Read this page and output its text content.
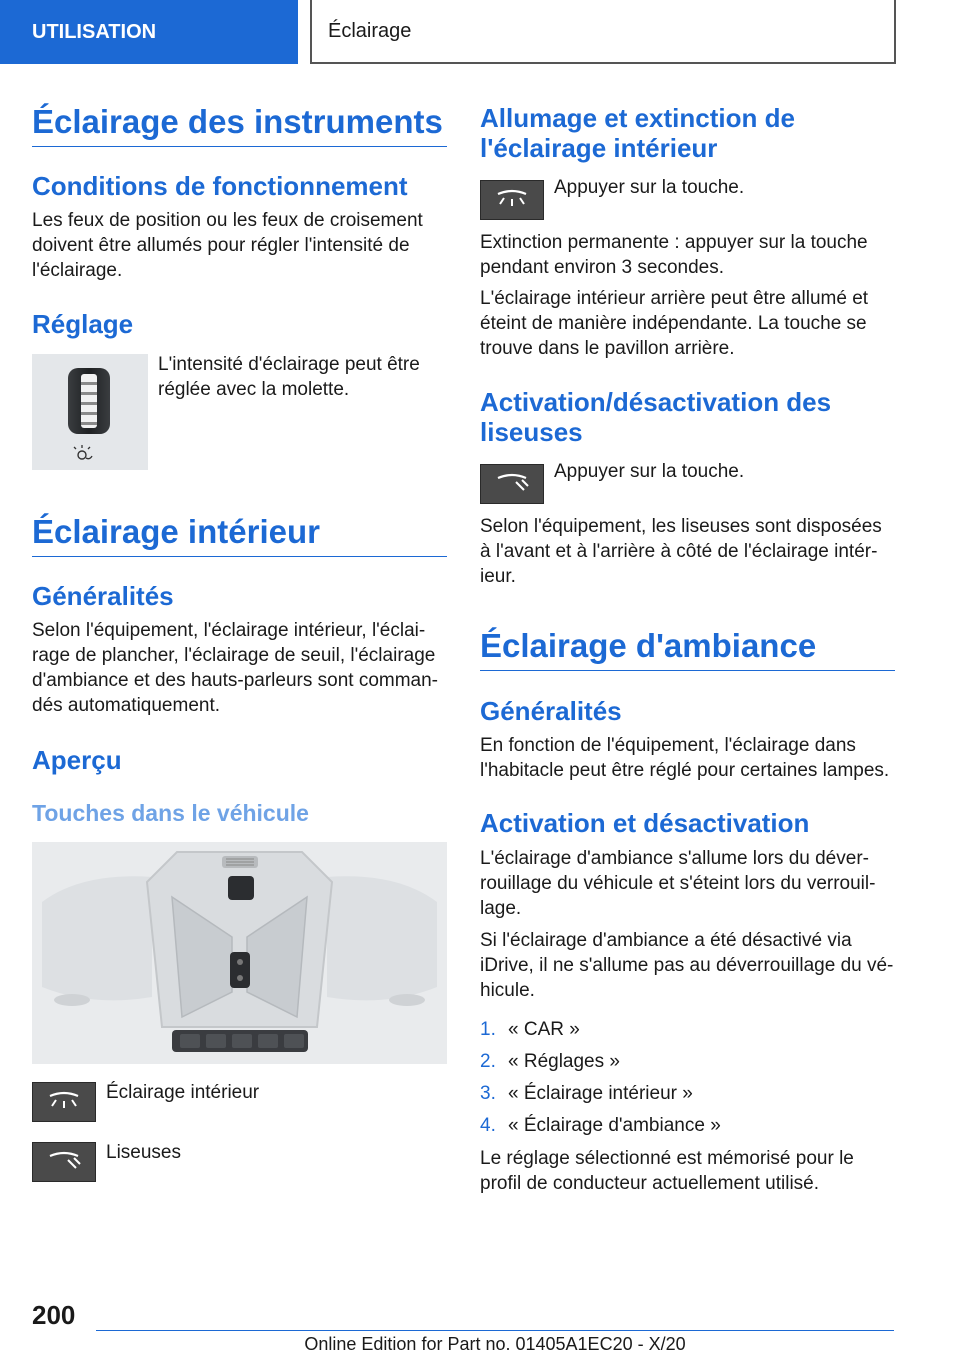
UTILISATION	Éclairage
Éclairage des instruments
Conditions de fonctionnement

Les feux de position ou les feux de croisement doivent être allumés pour régler l'intensité de l'éclairage.

Réglage

L'intensité d'éclairage peut être réglée avec la molette.

Éclairage intérieur
Généralités

Selon l'équipement, l'éclairage intérieur, l'éclai-rage de plancher, l'éclairage de seuil, l'éclairage d'ambiance et des hauts-parleurs sont comman-dés automatiquement.

Aperçu
Touches dans le véhicule

Éclairage intérieur

Liseuses

Allumage et extinction de l'éclairage intérieur

Appuyer sur la touche.

Extinction permanente : appuyer sur la touche pendant environ 3 secondes.

L'éclairage intérieur arrière peut être allumé et éteint de manière indépendante. La touche se trouve dans le pavillon arrière.

Activation/désactivation des liseuses

Appuyer sur la touche.

Selon l'équipement, les liseuses sont disposées à l'avant et à l'arrière à côté de l'éclairage intér-ieur.

Éclairage d'ambiance
Généralités

En fonction de l'équipement, l'éclairage dans l'habitacle peut être réglé pour certaines lampes.

Activation et désactivation

L'éclairage d'ambiance s'allume lors du déver-rouillage du véhicule et s'éteint lors du verrouil-lage.

Si l'éclairage d'ambiance a été désactivé via iDrive, il ne s'allume pas au déverrouillage du vé-hicule.

1. « CAR »
2. « Réglages »
3. « Éclairage intérieur »
4. « Éclairage d'ambiance »

Le réglage sélectionné est mémorisé pour le profil de conducteur actuellement utilisé.

200
Online Edition for Part no. 01405A1EC20 - X/20
